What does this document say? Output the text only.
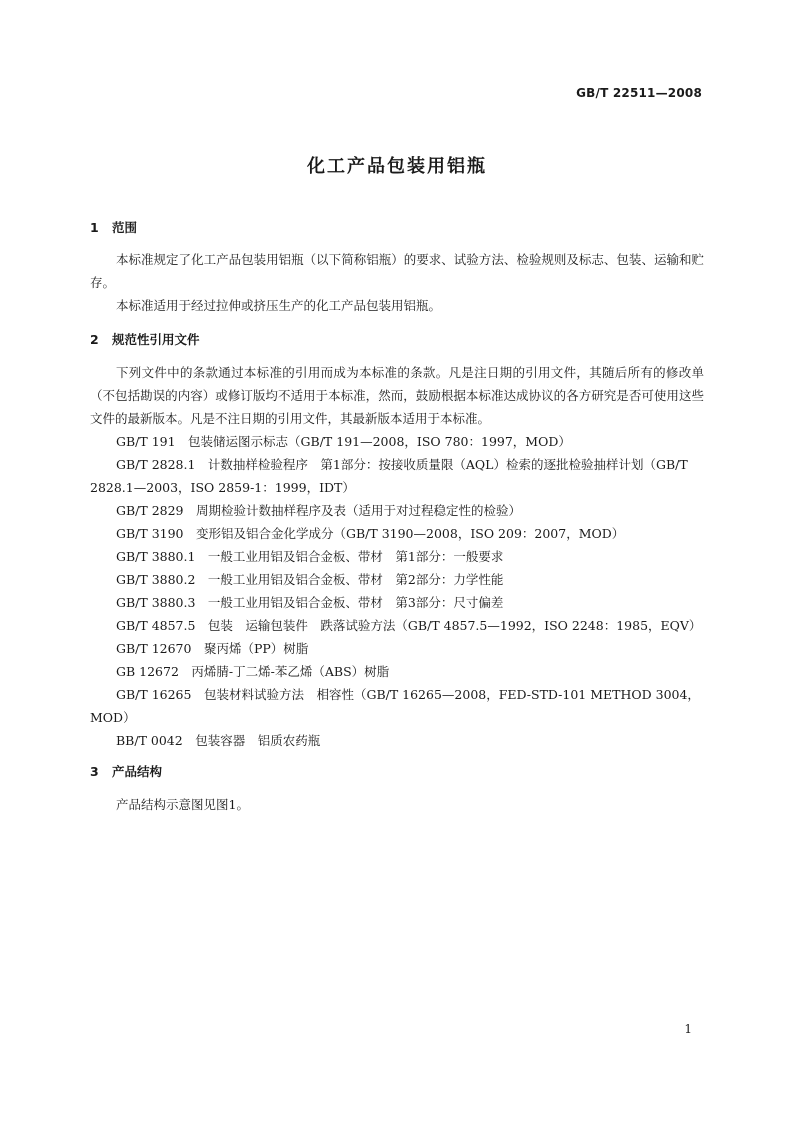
GB/T 22511—2008
化工产品包装用铝瓶
1 范围

本标准规定了化工产品包装用铝瓶（以下简称铝瓶）的要求、试验方法、检验规则及标志、包装、运输和贮存。

本标准适用于经过拉伸或挤压生产的化工产品包装用铝瓶。

2 规范性引用文件

下列文件中的条款通过本标准的引用而成为本标准的条款。凡是注日期的引用文件，其随后所有的修改单（不包括勘误的内容）或修订版均不适用于本标准，然而，鼓励根据本标准达成协议的各方研究是否可使用这些文件的最新版本。凡是不注日期的引用文件，其最新版本适用于本标准。

GB/T 191　包装储运图示标志（GB/T 191—2008，ISO 780：1997，MOD）

GB/T 2828.1　计数抽样检验程序　第1部分：按接收质量限（AQL）检索的逐批检验抽样计划（GB/T 2828.1—2003，ISO 2859-1：1999，IDT）

GB/T 2829　周期检验计数抽样程序及表（适用于对过程稳定性的检验）

GB/T 3190　变形铝及铝合金化学成分（GB/T 3190—2008，ISO 209：2007，MOD）

GB/T 3880.1　一般工业用铝及铝合金板、带材　第1部分：一般要求

GB/T 3880.2　一般工业用铝及铝合金板、带材　第2部分：力学性能

GB/T 3880.3　一般工业用铝及铝合金板、带材　第3部分：尺寸偏差

GB/T 4857.5　包装　运输包装件　跌落试验方法（GB/T 4857.5—1992，ISO 2248：1985，EQV）

GB/T 12670　聚丙烯（PP）树脂

GB 12672　丙烯腈-丁二烯-苯乙烯（ABS）树脂

GB/T 16265　包装材料试验方法　相容性（GB/T 16265—2008，FED-STD-101 METHOD 3004，MOD）

BB/T 0042　包装容器　铝质农药瓶

3 产品结构

产品结构示意图见图1。

1
